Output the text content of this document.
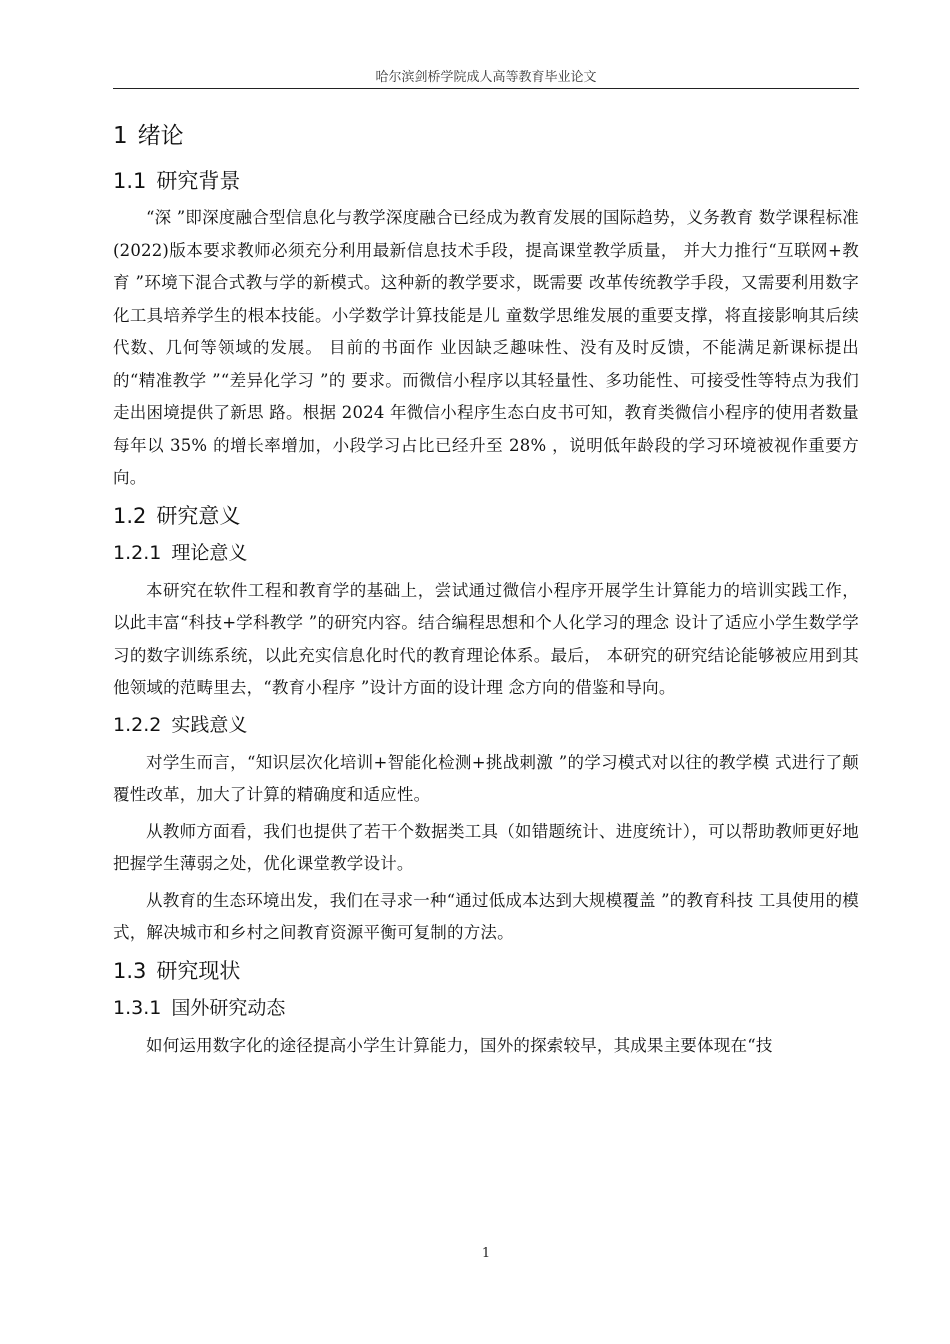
哈尔滨剑桥学院成人高等教育毕业论文
1 绪论
1.1 研究背景

“深 ”即深度融合型信息化与教学深度融合已经成为教育发展的国际趋势，义务教育 数学课程标准(2022)版本要求教师必须充分利用最新信息技术手段，提高课堂教学质量， 并大力推行“互联网+教育 ”环境下混合式教与学的新模式。这种新的教学要求，既需要 改革传统教学手段，又需要利用数字化工具培养学生的根本技能。小学数学计算技能是儿 童数学思维发展的重要支撑，将直接影响其后续代数、几何等领域的发展。 目前的书面作 业因缺乏趣味性、没有及时反馈，不能满足新课标提出的“精准教学 ”“差异化学习 ”的 要求。而微信小程序以其轻量性、多功能性、可接受性等特点为我们走出困境提供了新思 路。根据 2024 年微信小程序生态白皮书可知，教育类微信小程序的使用者数量每年以 35% 的增长率增加，小段学习占比已经升至 28% ，说明低年龄段的学习环境被视作重要方向。

1.2 研究意义
1.2.1 理论意义

本研究在软件工程和教育学的基础上，尝试通过微信小程序开展学生计算能力的培训实践工作，以此丰富“科技+学科教学 ”的研究内容。结合编程思想和个人化学习的理念 设计了适应小学生数学学习的数字训练系统，以此充实信息化时代的教育理论体系。最后， 本研究的研究结论能够被应用到其他领域的范畴里去，“教育小程序 ”设计方面的设计理 念方向的借鉴和导向。

1.2.2 实践意义

对学生而言，“知识层次化培训+智能化检测+挑战刺激 ”的学习模式对以往的教学模 式进行了颠覆性改革，加大了计算的精确度和适应性。

从教师方面看，我们也提供了若干个数据类工具（如错题统计、进度统计），可以帮助教师更好地把握学生薄弱之处，优化课堂教学设计。

从教育的生态环境出发，我们在寻求一种“通过低成本达到大规模覆盖 ”的教育科技 工具使用的模式，解决城市和乡村之间教育资源平衡可复制的方法。

1.3 研究现状
1.3.1 国外研究动态

如何运用数字化的途径提高小学生计算能力，国外的探索较早，其成果主要体现在“技

1
